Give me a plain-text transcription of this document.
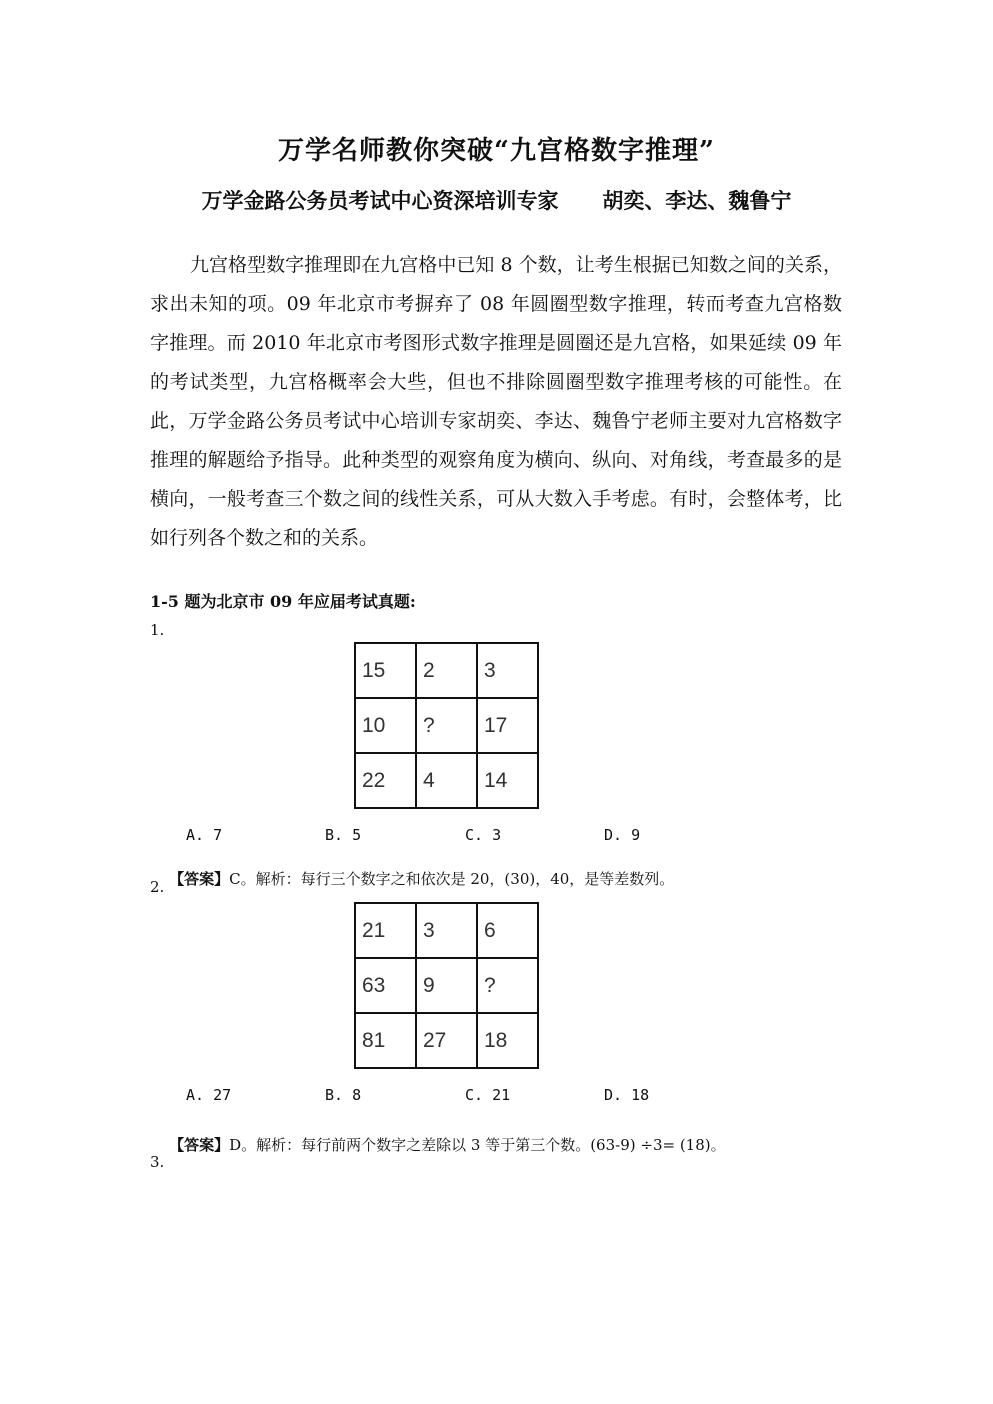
万学名师教你突破“九宫格数字推理”
万学金路公务员考试中心资深培训专家      胡奕、李达、魏鲁宁

九宫格型数字推理即在九宫格中已知 8 个数，让考生根据已知数之间的关系，求出未知的项。09 年北京市考摒弃了 08 年圆圈型数字推理，转而考查九宫格数字推理。而 2010 年北京市考图形式数字推理是圆圈还是九宫格，如果延续 09 年的考试类型，九宫格概率会大些，但也不排除圆圈型数字推理考核的可能性。在此，万学金路公务员考试中心培训专家胡奕、李达、魏鲁宁老师主要对九宫格数字推理的解题给予指导。此种类型的观察角度为横向、纵向、对角线，考查最多的是横向，一般考查三个数之间的线性关系，可从大数入手考虑。有时，会整体考，比如行列各个数之和的关系。

1-5 题为北京市 09 年应届考试真题:
1.
15	2	3
10	?	17
22	4	14
A. 7	B. 5	C. 3	D. 9

【答案】C。解析：每行三个数字之和依次是 20，(30)，40，是等差数列。

2.
21	3	6
63	9	?
81	27	18
A. 27	B. 8	C. 21	D. 18

【答案】D。解析：每行前两个数字之差除以 3 等于第三个数。(63-9) ÷3= (18)。

3.
